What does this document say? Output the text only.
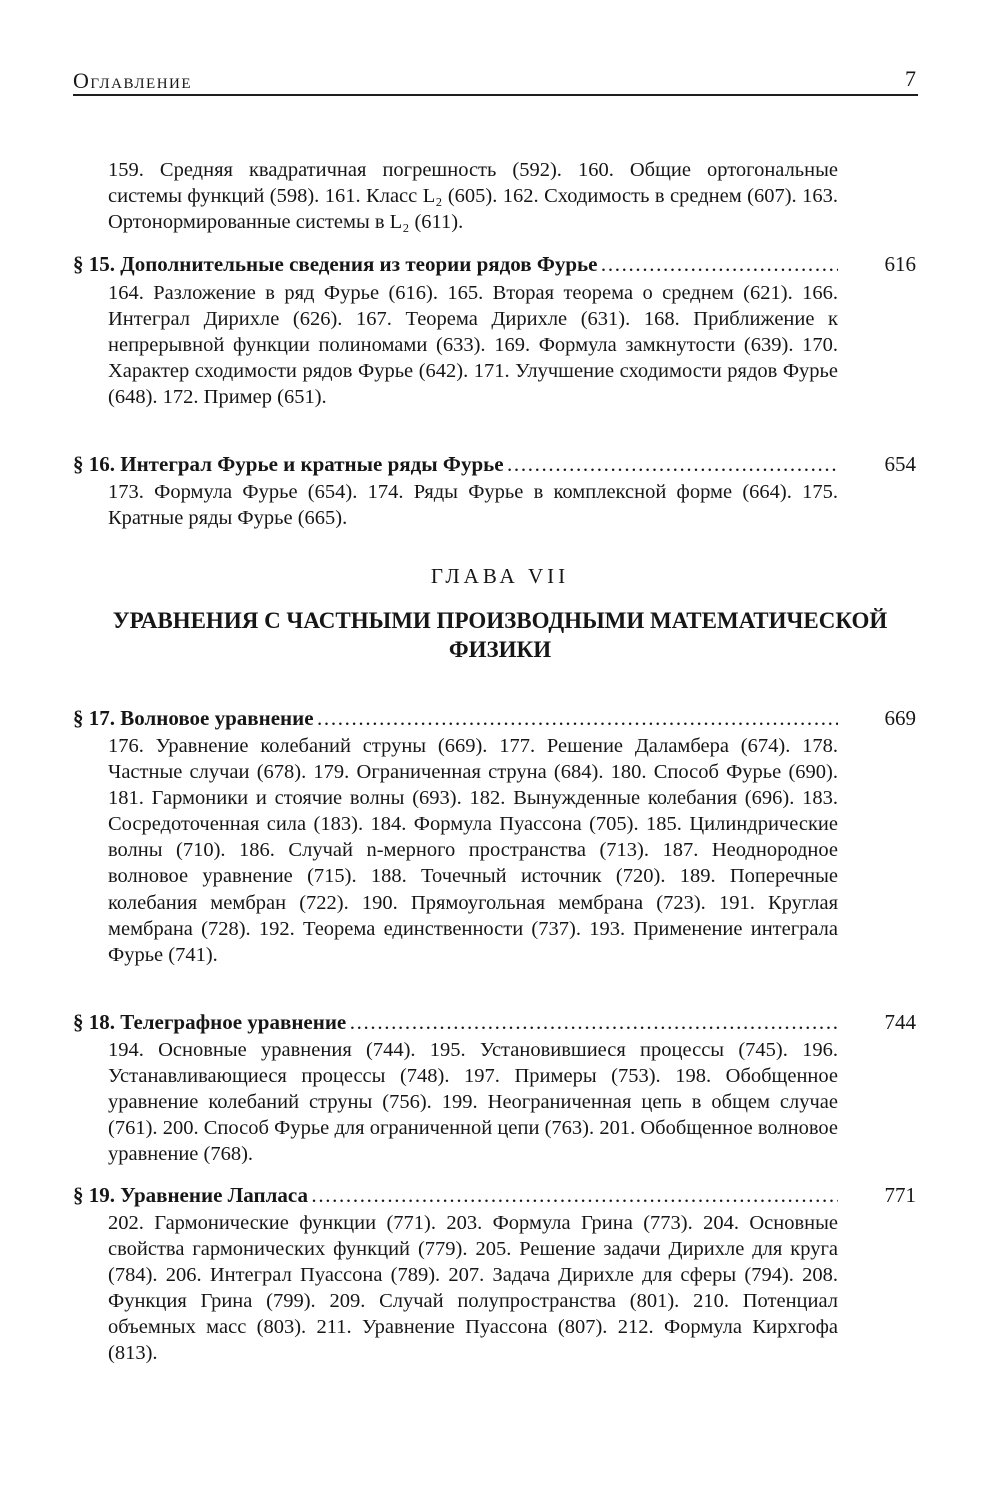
Оглавление	7
159. Средняя квадратичная погрешность (592). 160. Общие ортогональные системы функций (598). 161. Класс L₂ (605). 162. Сходимость в среднем (607). 163. Ортонормированные системы в L₂ (611).
§ 15. Дополнительные сведения из теории рядов Фурье . . .	616
164. Разложение в ряд Фурье (616). 165. Вторая теорема о среднем (621). 166. Интеграл Дирихле (626). 167. Теорема Дирихле (631). 168. Приближение к непрерывной функции полиномами (633). 169. Формула замкнутости (639). 170. Характер сходимости рядов Фурье (642). 171. Улучшение сходимости рядов Фурье (648). 172. Пример (651).
§ 16. Интеграл Фурье и кратные ряды Фурье . . .	654
173. Формула Фурье (654). 174. Ряды Фурье в комплексной форме (664). 175. Кратные ряды Фурье (665).
ГЛАВА VII
УРАВНЕНИЯ С ЧАСТНЫМИ ПРОИЗВОДНЫМИ МАТЕМАТИЧЕСКОЙ ФИЗИКИ
§ 17. Волновое уравнение . . .	669
176. Уравнение колебаний струны (669). 177. Решение Даламбера (674). 178. Частные случаи (678). 179. Ограниченная струна (684). 180. Способ Фурье (690). 181. Гармоники и стоячие волны (693). 182. Вынужденные колебания (696). 183. Сосредоточенная сила (183). 184. Формула Пуассона (705). 185. Цилиндрические волны (710). 186. Случай n-мерного пространства (713). 187. Неоднородное волновое уравнение (715). 188. Точечный источник (720). 189. Поперечные колебания мембран (722). 190. Прямоугольная мембрана (723). 191. Круглая мембрана (728). 192. Теорема единственности (737). 193. Применение интеграла Фурье (741).
§ 18. Телеграфное уравнение . . .	744
194. Основные уравнения (744). 195. Установившиеся процессы (745). 196. Устанавливающиеся процессы (748). 197. Примеры (753). 198. Обобщенное уравнение колебаний струны (756). 199. Неограниченная цепь в общем случае (761). 200. Способ Фурье для ограниченной цепи (763). 201. Обобщенное волновое уравнение (768).
§ 19. Уравнение Лапласа . . .	771
202. Гармонические функции (771). 203. Формула Грина (773). 204. Основные свойства гармонических функций (779). 205. Решение задачи Дирихле для круга (784). 206. Интеграл Пуассона (789). 207. Задача Дирихле для сферы (794). 208. Функция Грина (799). 209. Случай полупространства (801). 210. Потенциал объемных масс (803). 211. Уравнение Пуассона (807). 212. Формула Кирхгофа (813).
